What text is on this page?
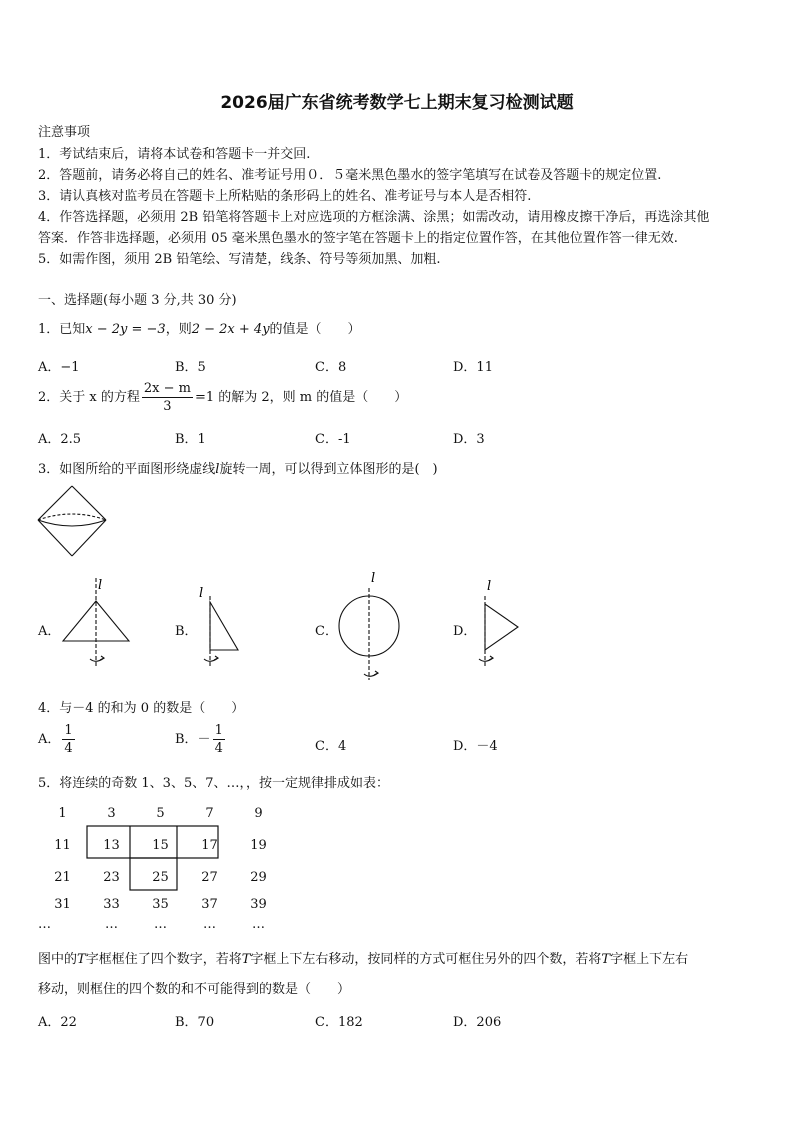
2026届广东省统考数学七上期末复习检测试题
注意事项
1．考试结束后，请将本试卷和答题卡一并交回.
2．答题前，请务必将自己的姓名、准考证号用０．５毫米黑色墨水的签字笔填写在试卷及答题卡的规定位置.
3．请认真核对监考员在答题卡上所粘贴的条形码上的姓名、准考证号与本人是否相符.
4．作答选择题，必须用 2B 铅笔将答题卡上对应选项的方框涂满、涂黑；如需改动，请用橡皮擦干净后，再选涂其他
答案．作答非选择题，必须用 05 毫米黑色墨水的签字笔在答题卡上的指定位置作答，在其他位置作答一律无效.
5．如需作图，须用 2B 铅笔绘、写清楚，线条、符号等须加黑、加粗.
一、选择题(每小题 3 分,共 30 分)
1．已知x − 2y = −3，则2 − 2x + 4y的值是（　　）
A．−1	B．5	C．8	D．11
2．关于 x 的方程 $\frac{2x - m}{3} =1$ 的解为 2，则 m 的值是（　　）
A．2.5	B．1	C．-1	D．3
3．如图所给的平面图形绕虚线l旋转一周，可以得到立体图形的是(　)
l
l
l
l
A．	B．	C．	D．
4．与－4 的和为 0 的数是（　　）
A． $\frac{1}{4}$	B．－ $\frac{1}{4}$	C．4	D．－4
5．将连续的奇数 1、3、5、7、…，，按一定规律排成如表：
1	3	5	7	9
11	13	15	17	19
21	23	25	27	29
31	33	35	37	39
…	…	…	…	…
图中的T字框框住了四个数字，若将T字框上下左右移动，按同样的方式可框住另外的四个数，若将T字框上下左右
移动，则框住的四个数的和不可能得到的数是（　　）
A．22	B．70	C．182	D．206
